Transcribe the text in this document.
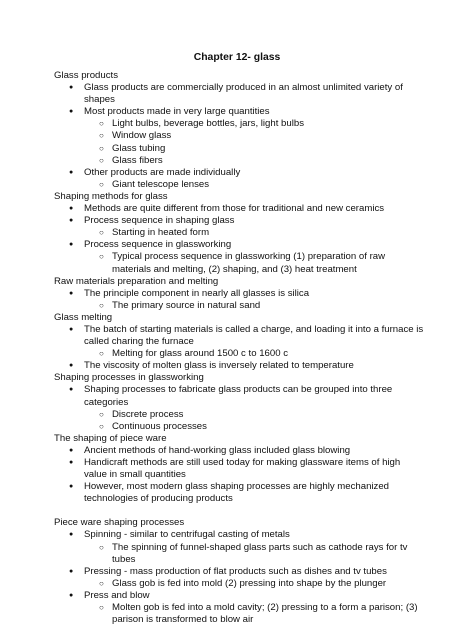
Chapter 12- glass
Glass products
● Glass products are commercially produced in an almost unlimited variety of shapes
● Most products made in very large quantities
○ Light bulbs, beverage bottles, jars, light bulbs
○ Window glass
○ Glass tubing
○ Glass fibers
● Other products are made individually
○ Giant telescope lenses
Shaping methods for glass
● Methods are quite different from those for traditional and new ceramics
● Process sequence in shaping glass
○ Starting in heated form
● Process sequence in glassworking
○ Typical process sequence in glassworking (1) preparation of raw materials and melting, (2) shaping, and (3) heat treatment
Raw materials preparation and melting
● The principle component in nearly all glasses is silica
○ The primary source in natural sand
Glass melting
● The batch of starting materials is called a charge, and loading it into a furnace is called charing the furnace
○ Melting for glass around 1500 c to 1600 c
● The viscosity of molten glass is inversely related to temperature
Shaping processes in glassworking
● Shaping processes to fabricate glass products can be grouped into three categories
○ Discrete process
○ Continuous processes
The shaping of piece ware
● Ancient methods of hand-working glass included glass blowing
● Handicraft methods are still used today for making glassware items of high value in small quantities
● However, most modern glass shaping processes are highly mechanized technologies of producing products
Piece ware shaping processes
● Spinning - similar to centrifugal casting of metals
○ The spinning of funnel-shaped glass parts such as cathode rays for tv tubes
● Pressing - mass production of flat products such as dishes and tv tubes
○ Glass gob is fed into mold (2) pressing into shape by the plunger
● Press and blow
○ Molten gob is fed into a mold cavity; (2) pressing to a form a parison; (3) parison is transformed to blow air
